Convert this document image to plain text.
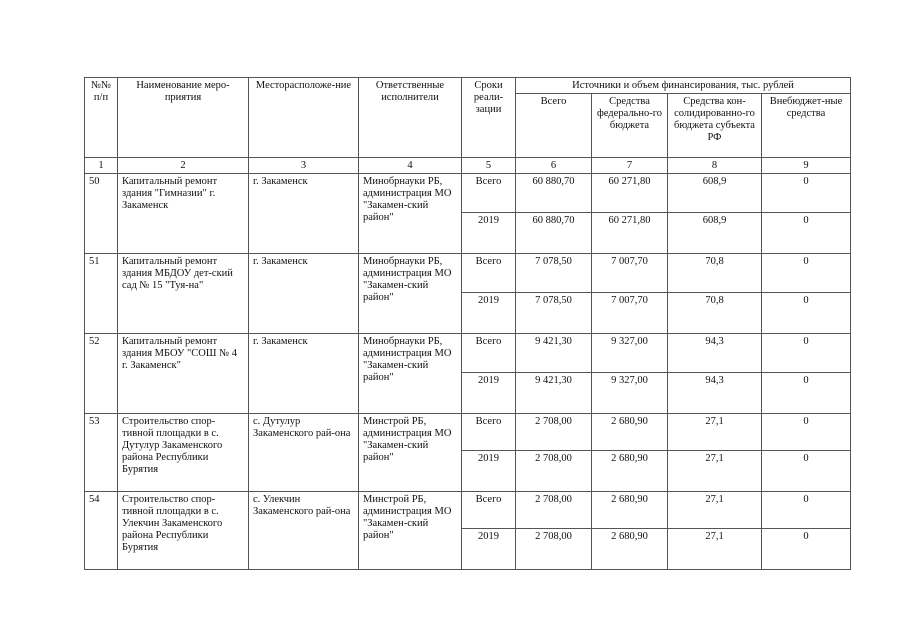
№№ п/п	Наименование меро-приятия	Месторасположе-ние	Ответственные исполнители	Сроки реали-зации	Источники и объем финансирования, тыс. рублей			
					Всего	Средства федерально-го бюджета	Средства кон-солидированно-го бюджета субъекта РФ	Внебюджет-ные средства
1	2	3	4	5	6	7	8	9
50	Капитальный ремонт здания "Гимназии" г. Закаменск	г. Закаменск	Минобрнауки РБ, администрация МО "Закамен-ский район"	Всего	60 880,70	60 271,80	608,9	0
				2019	60 880,70	60 271,80	608,9	0
51	Капитальный ремонт здания МБДОУ дет-ский сад № 15 "Туя-на"	г. Закаменск	Минобрнауки РБ, администрация МО "Закамен-ский район"	Всего	7 078,50	7 007,70	70,8	0
				2019	7 078,50	7 007,70	70,8	0
52	Капитальный ремонт здания МБОУ "СОШ № 4 г. Закаменск"	г. Закаменск	Минобрнауки РБ, администрация МО "Закамен-ский район"	Всего	9 421,30	9 327,00	94,3	0
				2019	9 421,30	9 327,00	94,3	0
53	Строительство спор-тивной площадки в с. Дутулур Закаменского района Республики Бурятия	с. Дутулур Закаменского рай-она	Минстрой РБ, администрация МО "Закамен-ский район"	Всего	2 708,00	2 680,90	27,1	0
				2019	2 708,00	2 680,90	27,1	0
54	Строительство спор-тивной площадки в с. Улекчин Закаменского района Республики Бурятия	с. Улекчин Закаменского рай-она	Минстрой РБ, администрация МО "Закамен-ский район"	Всего	2 708,00	2 680,90	27,1	0
				2019	2 708,00	2 680,90	27,1	0
